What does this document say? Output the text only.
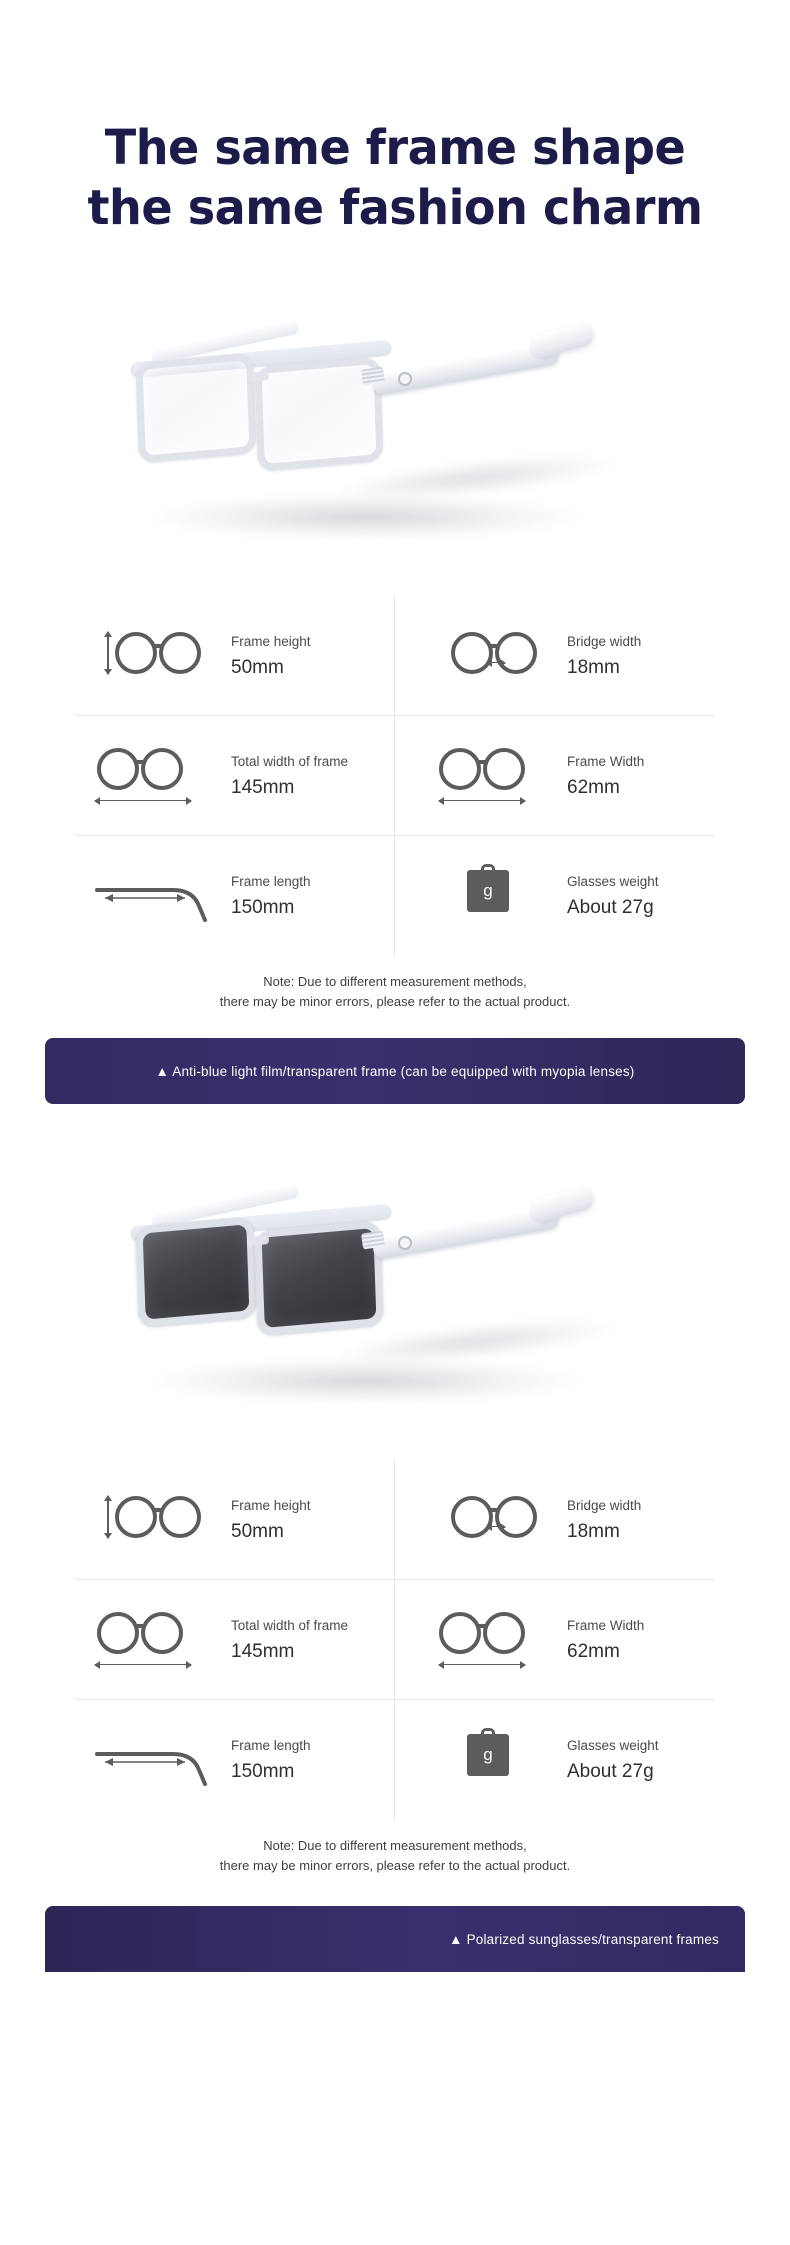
The same frame shape
the same fashion charm
Frame height
50mm
Bridge width
18mm
Total width of frame
145mm
Frame Width
62mm
Frame length
150mm
g	Glasses weight
About 27g
Note: Due to different measurement methods,
there may be minor errors, please refer to the actual product.
▲ Anti-blue light film/transparent frame (can be equipped with myopia lenses)
Frame height
50mm
Bridge width
18mm
Total width of frame
145mm
Frame Width
62mm
Frame length
150mm
g	Glasses weight
About 27g
Note: Due to different measurement methods,
there may be minor errors, please refer to the actual product.
▲ Polarized sunglasses/transparent frames
